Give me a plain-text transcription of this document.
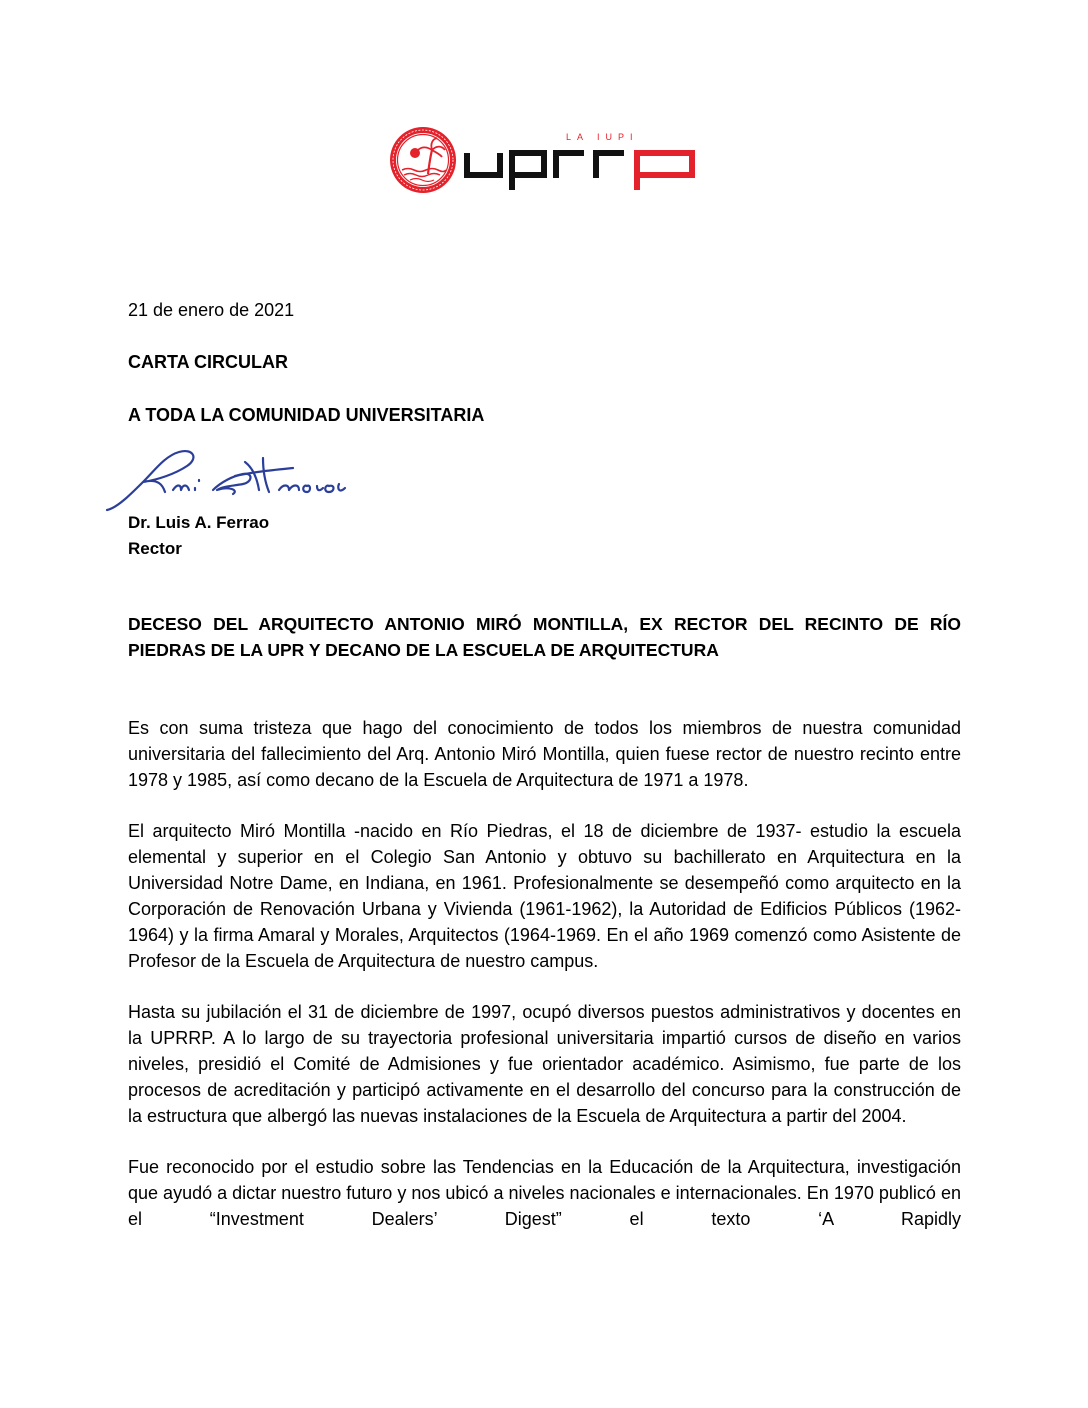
LA IUPI
21 de enero de 2021
CARTA CIRCULAR
A TODA LA COMUNIDAD UNIVERSITARIA
Dr. Luis A. Ferrao
Rector
DECESO DEL ARQUITECTO ANTONIO MIRÓ MONTILLA, EX RECTOR DEL RECINTO DE RÍO PIEDRAS DE LA UPR Y DECANO DE LA ESCUELA DE ARQUITECTURA

Es con suma tristeza que hago del conocimiento de todos los miembros de nuestra comunidad universitaria del fallecimiento del Arq. Antonio Miró Montilla, quien fuese rector de nuestro recinto entre 1978 y 1985, así como decano de la Escuela de Arquitectura de 1971 a 1978.

El arquitecto Miró Montilla -nacido en Río Piedras, el 18 de diciembre de 1937- estudio la escuela elemental y superior en el Colegio San Antonio y obtuvo su bachillerato en Arquitectura en la Universidad Notre Dame, en Indiana, en 1961. Profesionalmente se desempeñó como arquitecto en la Corporación de Renovación Urbana y Vivienda (1961-1962), la Autoridad de Edificios Públicos (1962-1964) y la firma Amaral y Morales, Arquitectos (1964-1969. En el año 1969 comenzó como Asistente de Profesor de la Escuela de Arquitectura de nuestro campus.

Hasta su jubilación el 31 de diciembre de 1997, ocupó diversos puestos administrativos y docentes en la UPRRP. A lo largo de su trayectoria profesional universitaria impartió cursos de diseño en varios niveles, presidió el Comité de Admisiones y fue orientador académico. Asimismo, fue parte de los procesos de acreditación y participó activamente en el desarrollo del concurso para la construcción de la estructura que albergó las nuevas instalaciones de la Escuela de Arquitectura a partir del 2004.

Fue reconocido por el estudio sobre las Tendencias en la Educación de la Arquitectura, investigación que ayudó a dictar nuestro futuro y nos ubicó a niveles nacionales e internacionales. En 1970 publicó en el “Investment Dealers’ Digest” el texto ‘A Rapidly
